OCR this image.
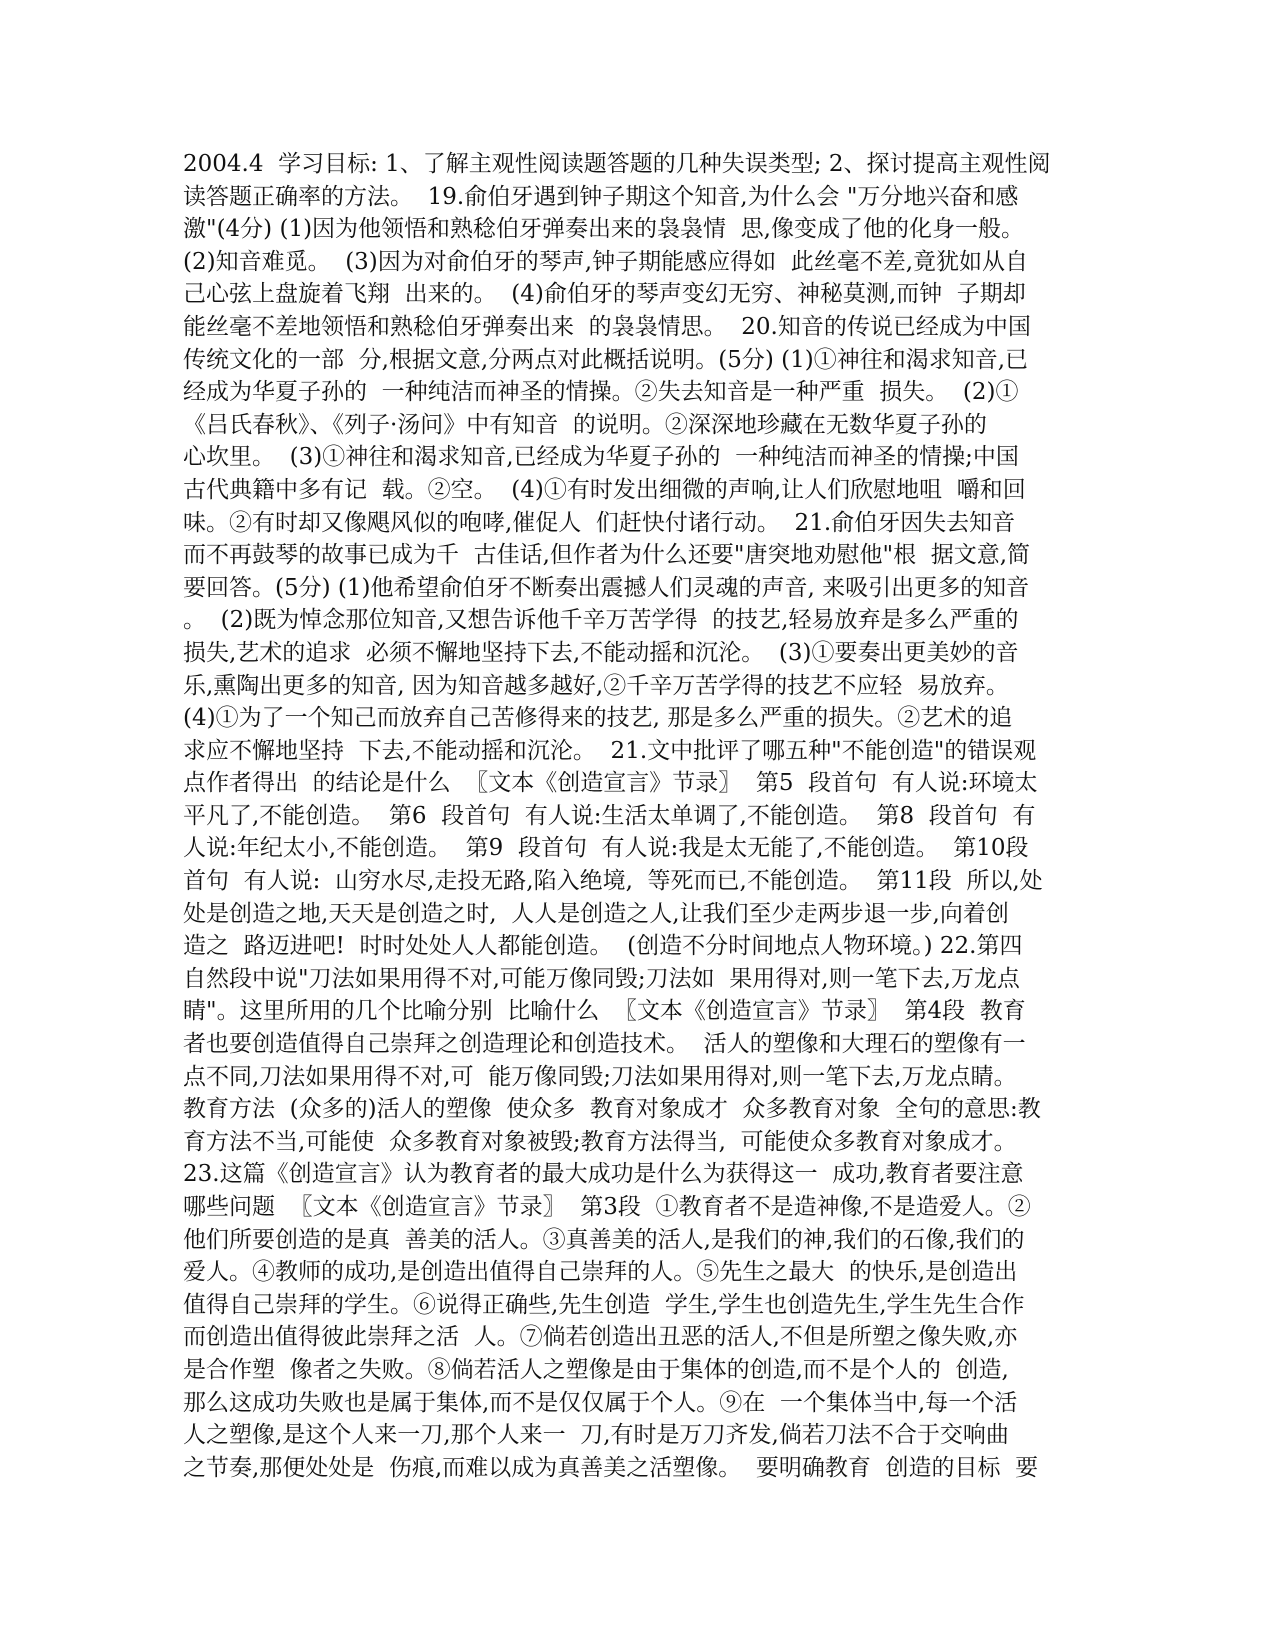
2004.4  学习目标: 1、了解主观性阅读题答题的几种失误类型; 2、探讨提高主观性阅
读答题正确率的方法。  19.俞伯牙遇到钟子期这个知音,为什么会 "万分地兴奋和感
激"(4分) (1)因为他领悟和熟稔伯牙弹奏出来的袅袅情  思,像变成了他的化身一般。
(2)知音难觅。  (3)因为对俞伯牙的琴声,钟子期能感应得如  此丝毫不差,竟犹如从自
己心弦上盘旋着飞翔  出来的。  (4)俞伯牙的琴声变幻无穷、神秘莫测,而钟  子期却
能丝毫不差地领悟和熟稔伯牙弹奏出来  的袅袅情思。  20.知音的传说已经成为中国
传统文化的一部  分,根据文意,分两点对此概括说明。(5分) (1)①神往和渴求知音,已
经成为华夏子孙的  一种纯洁而神圣的情操。②失去知音是一种严重  损失。  (2)①
《吕氏春秋》、《列子·汤问》中有知音  的说明。②深深地珍藏在无数华夏子孙的
心坎里。  (3)①神往和渴求知音,已经成为华夏子孙的  一种纯洁而神圣的情操;中国
古代典籍中多有记  载。②空。  (4)①有时发出细微的声响,让人们欣慰地咀  嚼和回
味。②有时却又像飓风似的咆哮,催促人  们赶快付诸行动。  21.俞伯牙因失去知音
而不再鼓琴的故事已成为千  古佳话,但作者为什么还要"唐突地劝慰他"根  据文意,简
要回答。(5分) (1)他希望俞伯牙不断奏出震撼人们灵魂的声音, 来吸引出更多的知音
。  (2)既为悼念那位知音,又想告诉他千辛万苦学得  的技艺,轻易放弃是多么严重的
损失,艺术的追求  必须不懈地坚持下去,不能动摇和沉沦。  (3)①要奏出更美妙的音
乐,熏陶出更多的知音, 因为知音越多越好,②千辛万苦学得的技艺不应轻  易放弃。
(4)①为了一个知己而放弃自己苦修得来的技艺, 那是多么严重的损失。②艺术的追
求应不懈地坚持  下去,不能动摇和沉沦。  21.文中批评了哪五种"不能创造"的错误观
点作者得出  的结论是什么  〖文本《创造宣言》节录〗  第5  段首句  有人说:环境太
平凡了,不能创造。  第6  段首句  有人说:生活太单调了,不能创造。  第8  段首句  有
人说:年纪太小,不能创造。  第9  段首句  有人说:我是太无能了,不能创造。  第10段
首句  有人说:  山穷水尽,走投无路,陷入绝境,  等死而已,不能创造。  第11段  所以,处
处是创造之地,天天是创造之时,  人人是创造之人,让我们至少走两步退一步,向着创
造之  路迈进吧!  时时处处人人都能创造。  (创造不分时间地点人物环境。) 22.第四
自然段中说"刀法如果用得不对,可能万像同毁;刀法如  果用得对,则一笔下去,万龙点
睛"。这里所用的几个比喻分别  比喻什么  〖文本《创造宣言》节录〗  第4段  教育
者也要创造值得自己崇拜之创造理论和创造技术。  活人的塑像和大理石的塑像有一
点不同,刀法如果用得不对,可  能万像同毁;刀法如果用得对,则一笔下去,万龙点睛。
教育方法  (众多的)活人的塑像  使众多  教育对象成才  众多教育对象  全句的意思:教
育方法不当,可能使  众多教育对象被毁;教育方法得当,  可能使众多教育对象成才。
23.这篇《创造宣言》认为教育者的最大成功是什么为获得这一  成功,教育者要注意
哪些问题  〖文本《创造宣言》节录〗  第3段  ①教育者不是造神像,不是造爱人。②
他们所要创造的是真  善美的活人。③真善美的活人,是我们的神,我们的石像,我们的
爱人。④教师的成功,是创造出值得自己崇拜的人。⑤先生之最大  的快乐,是创造出
值得自己崇拜的学生。⑥说得正确些,先生创造  学生,学生也创造先生,学生先生合作
而创造出值得彼此崇拜之活  人。⑦倘若创造出丑恶的活人,不但是所塑之像失败,亦
是合作塑  像者之失败。⑧倘若活人之塑像是由于集体的创造,而不是个人的  创造,
那么这成功失败也是属于集体,而不是仅仅属于个人。⑨在  一个集体当中,每一个活
人之塑像,是这个人来一刀,那个人来一  刀,有时是万刀齐发,倘若刀法不合于交响曲
之节奏,那便处处是  伤痕,而难以成为真善美之活塑像。  要明确教育  创造的目标  要
